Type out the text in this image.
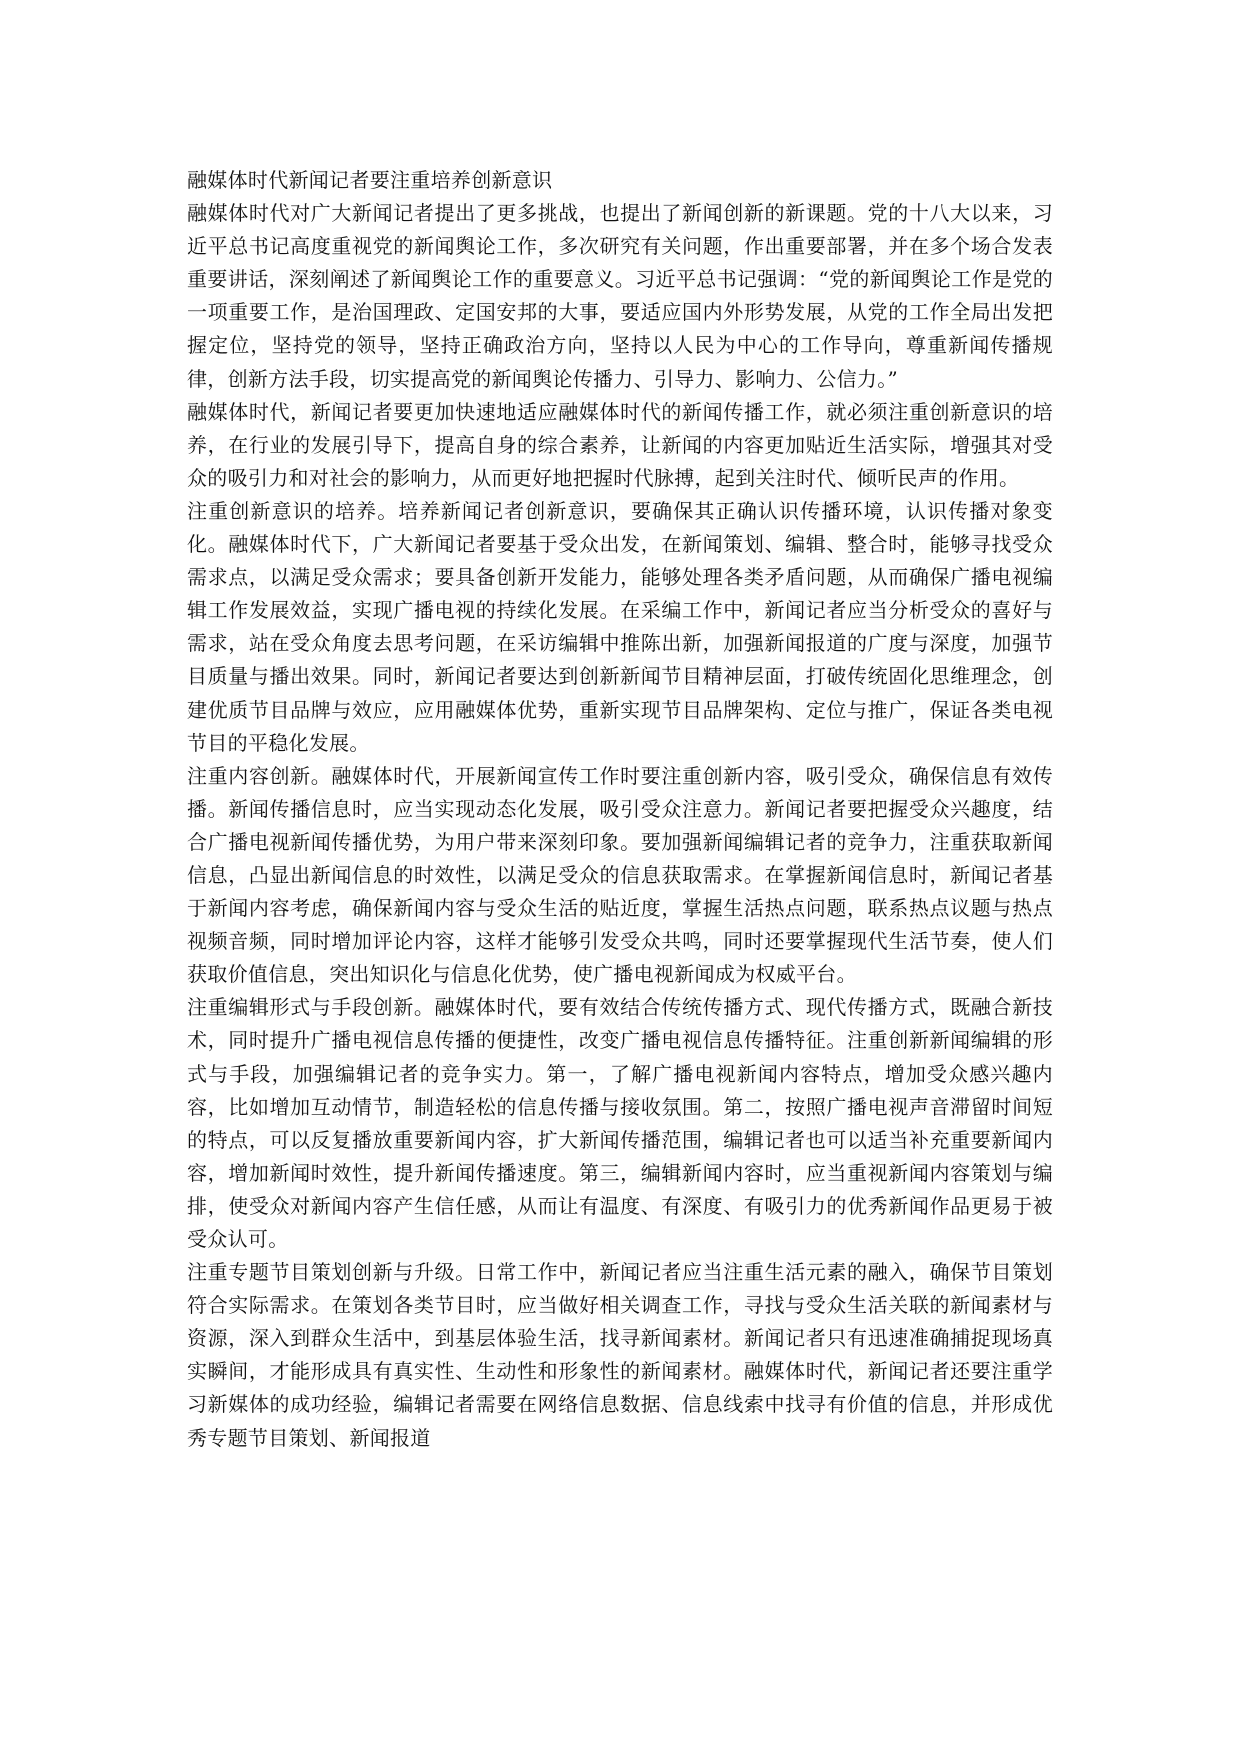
融媒体时代新闻记者要注重培养创新意识

融媒体时代对广大新闻记者提出了更多挑战，也提出了新闻创新的新课题。党的十八大以来，习近平总书记高度重视党的新闻舆论工作，多次研究有关问题，作出重要部署，并在多个场合发表重要讲话，深刻阐述了新闻舆论工作的重要意义。习近平总书记强调：“党的新闻舆论工作是党的一项重要工作，是治国理政、定国安邦的大事，要适应国内外形势发展，从党的工作全局出发把握定位，坚持党的领导，坚持正确政治方向，坚持以人民为中心的工作导向，尊重新闻传播规律，创新方法手段，切实提高党的新闻舆论传播力、引导力、影响力、公信力。”

融媒体时代，新闻记者要更加快速地适应融媒体时代的新闻传播工作，就必须注重创新意识的培养，在行业的发展引导下，提高自身的综合素养，让新闻的内容更加贴近生活实际，增强其对受众的吸引力和对社会的影响力，从而更好地把握时代脉搏，起到关注时代、倾听民声的作用。

注重创新意识的培养。培养新闻记者创新意识，要确保其正确认识传播环境，认识传播对象变化。融媒体时代下，广大新闻记者要基于受众出发，在新闻策划、编辑、整合时，能够寻找受众需求点，以满足受众需求；要具备创新开发能力，能够处理各类矛盾问题，从而确保广播电视编辑工作发展效益，实现广播电视的持续化发展。在采编工作中，新闻记者应当分析受众的喜好与需求，站在受众角度去思考问题，在采访编辑中推陈出新，加强新闻报道的广度与深度，加强节目质量与播出效果。同时，新闻记者要达到创新新闻节目精神层面，打破传统固化思维理念，创建优质节目品牌与效应，应用融媒体优势，重新实现节目品牌架构、定位与推广，保证各类电视节目的平稳化发展。

注重内容创新。融媒体时代，开展新闻宣传工作时要注重创新内容，吸引受众，确保信息有效传播。新闻传播信息时，应当实现动态化发展，吸引受众注意力。新闻记者要把握受众兴趣度，结合广播电视新闻传播优势，为用户带来深刻印象。要加强新闻编辑记者的竞争力，注重获取新闻信息，凸显出新闻信息的时效性，以满足受众的信息获取需求。在掌握新闻信息时，新闻记者基于新闻内容考虑，确保新闻内容与受众生活的贴近度，掌握生活热点问题，联系热点议题与热点视频音频，同时增加评论内容，这样才能够引发受众共鸣，同时还要掌握现代生活节奏，使人们获取价值信息，突出知识化与信息化优势，使广播电视新闻成为权威平台。

注重编辑形式与手段创新。融媒体时代，要有效结合传统传播方式、现代传播方式，既融合新技术，同时提升广播电视信息传播的便捷性，改变广播电视信息传播特征。注重创新新闻编辑的形式与手段，加强编辑记者的竞争实力。第一，了解广播电视新闻内容特点，增加受众感兴趣内容，比如增加互动情节，制造轻松的信息传播与接收氛围。第二，按照广播电视声音滞留时间短的特点，可以反复播放重要新闻内容，扩大新闻传播范围，编辑记者也可以适当补充重要新闻内容，增加新闻时效性，提升新闻传播速度。第三，编辑新闻内容时，应当重视新闻内容策划与编排，使受众对新闻内容产生信任感，从而让有温度、有深度、有吸引力的优秀新闻作品更易于被受众认可。

注重专题节目策划创新与升级。日常工作中，新闻记者应当注重生活元素的融入，确保节目策划符合实际需求。在策划各类节目时，应当做好相关调查工作，寻找与受众生活关联的新闻素材与资源，深入到群众生活中，到基层体验生活，找寻新闻素材。新闻记者只有迅速准确捕捉现场真实瞬间，才能形成具有真实性、生动性和形象性的新闻素材。融媒体时代，新闻记者还要注重学习新媒体的成功经验，编辑记者需要在网络信息数据、信息线索中找寻有价值的信息，并形成优秀专题节目策划、新闻报道
